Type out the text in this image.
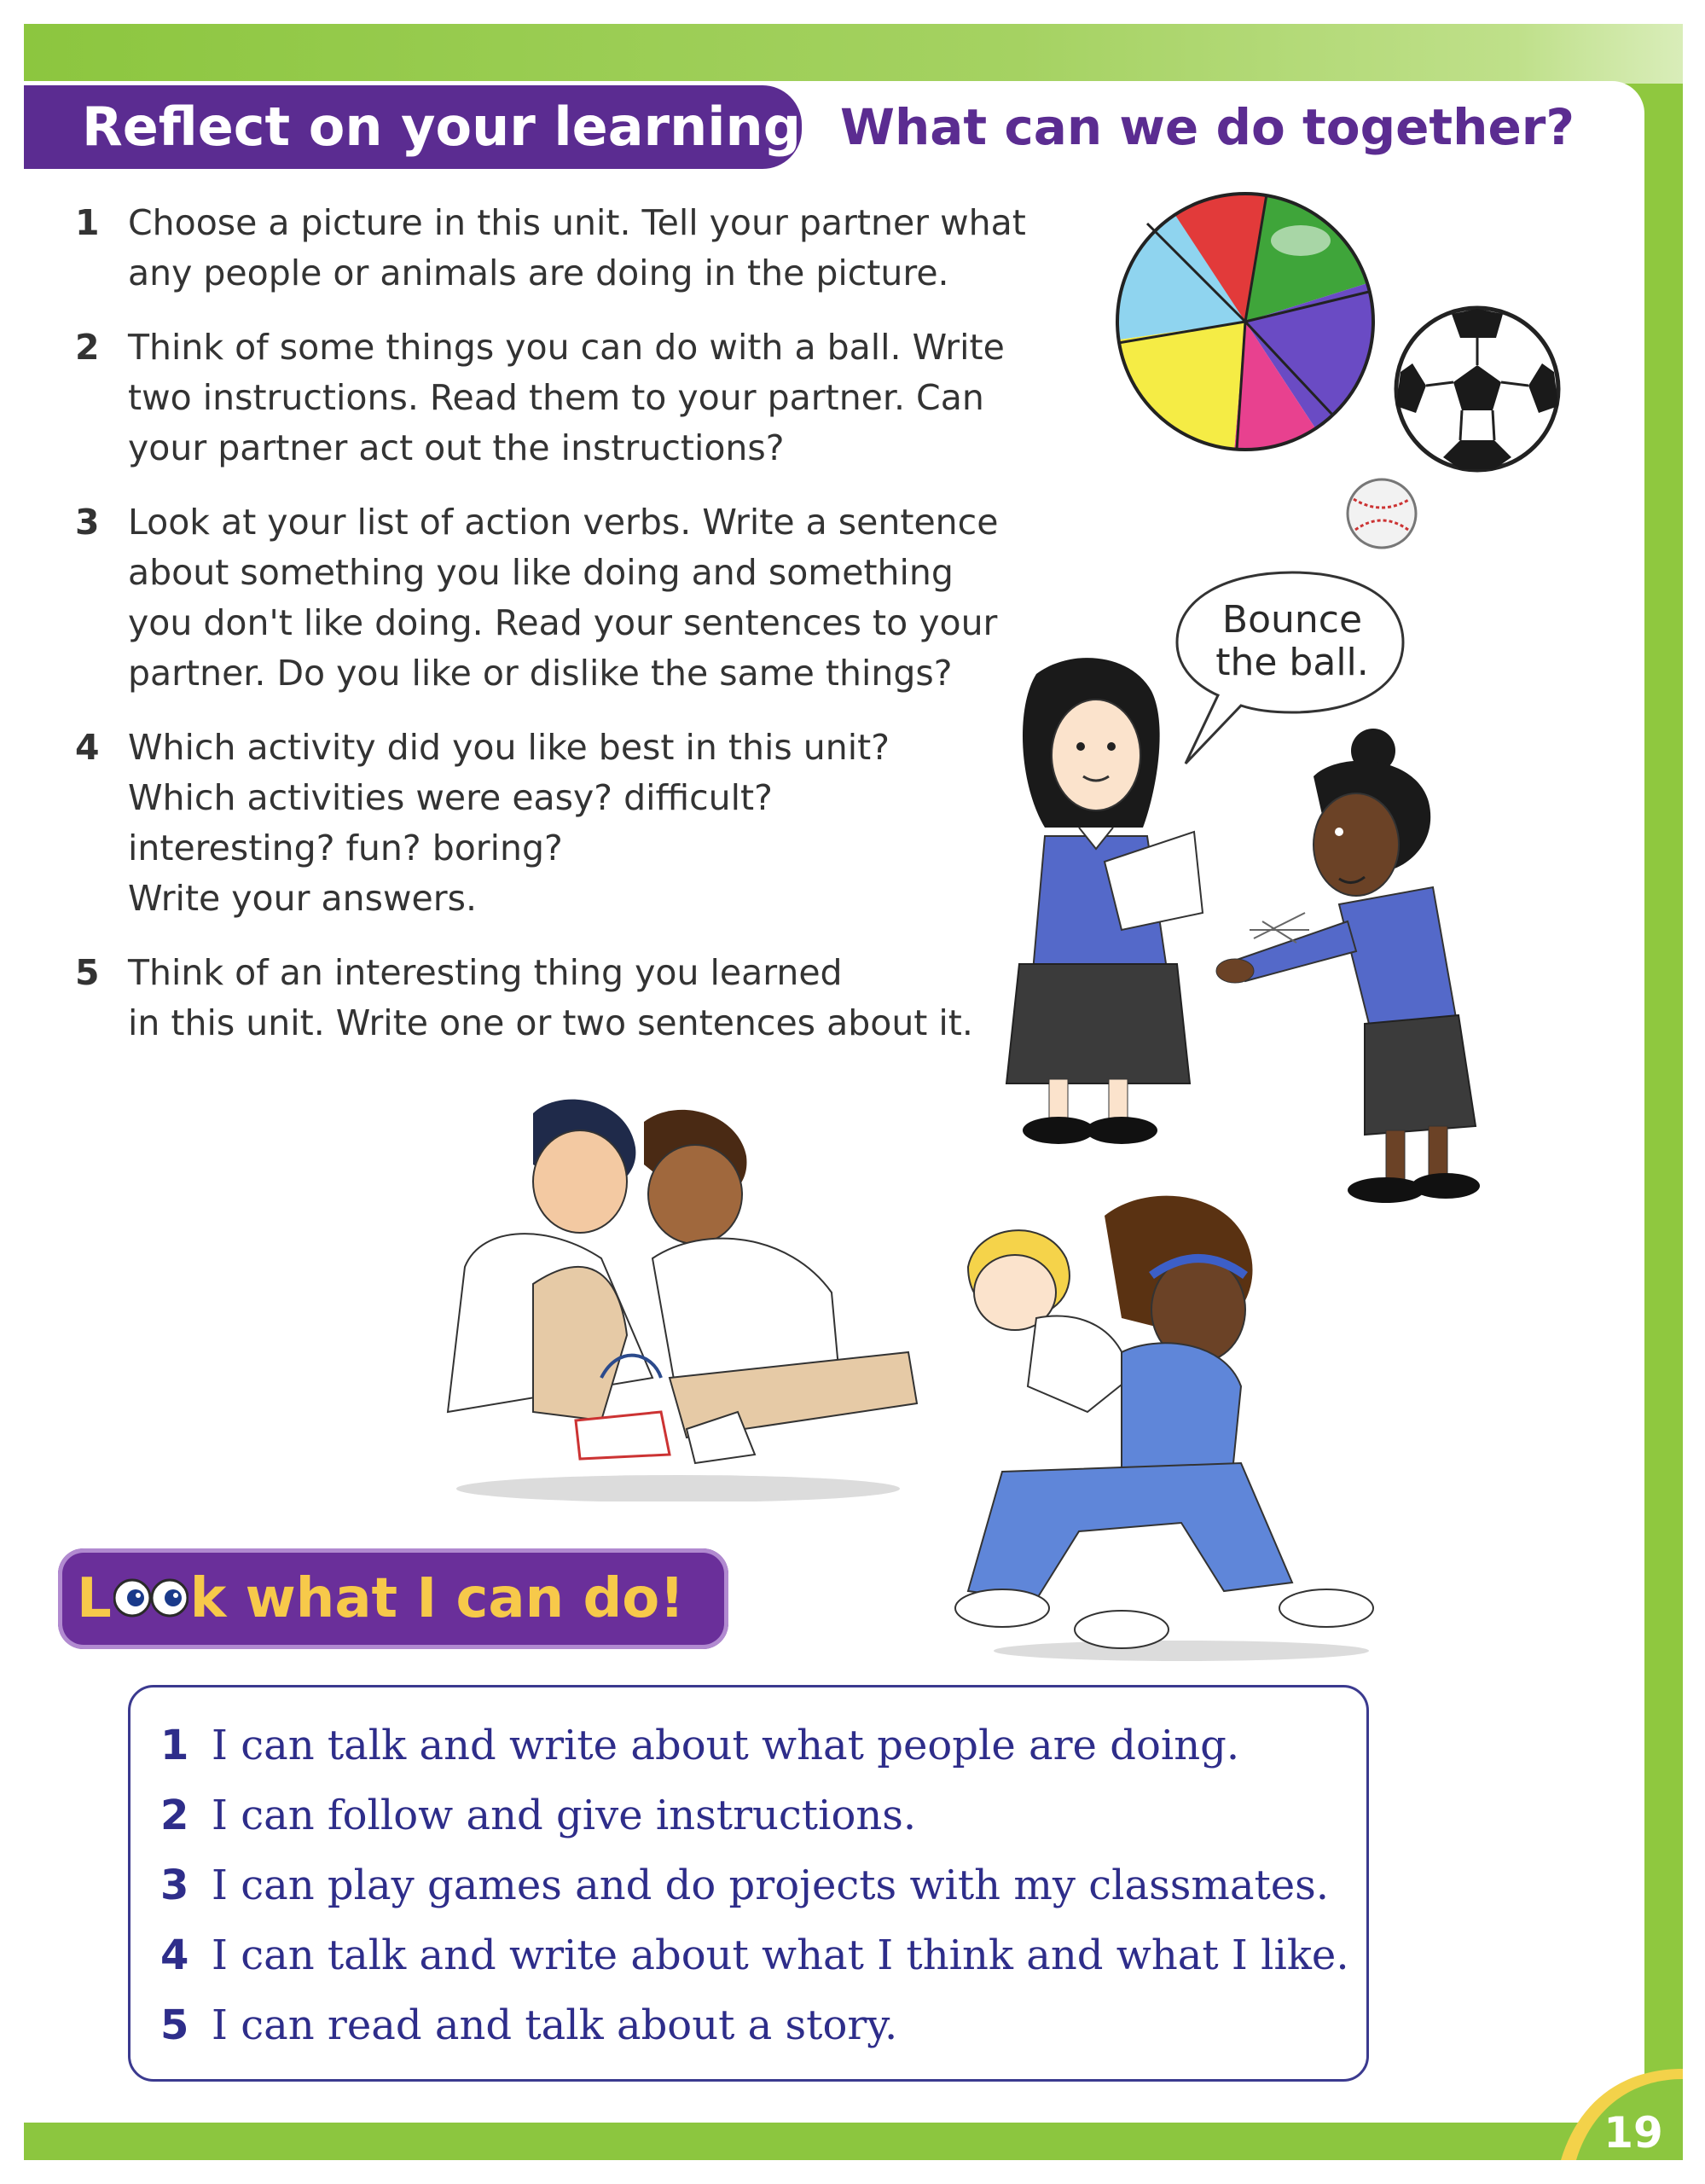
Reflect on your learning What can we do together?
1 Choose a picture in this unit. Tell your partner what
any people or animals are doing in the picture.
2 Think of some things you can do with a ball. Write
two instructions. Read them to your partner. Can
your partner act out the instructions?
3 Look at your list of action verbs. Write a sentence
about something you like doing and something
you don't like doing. Read your sentences to your
partner. Do you like or dislike the same things?
4 Which activity did you like best in this unit?
Which activities were easy? difficult?
interesting? fun? boring?
Write your answers.
5 Think of an interesting thing you learned
in this unit. Write one or two sentences about it.
Bounce
the ball.
L k what I can do!
1 I can talk and write about what people are doing.
2 I can follow and give instructions.
3 I can play games and do projects with my classmates.
4 I can talk and write about what I think and what I like.
5 I can read and talk about a story.
19
